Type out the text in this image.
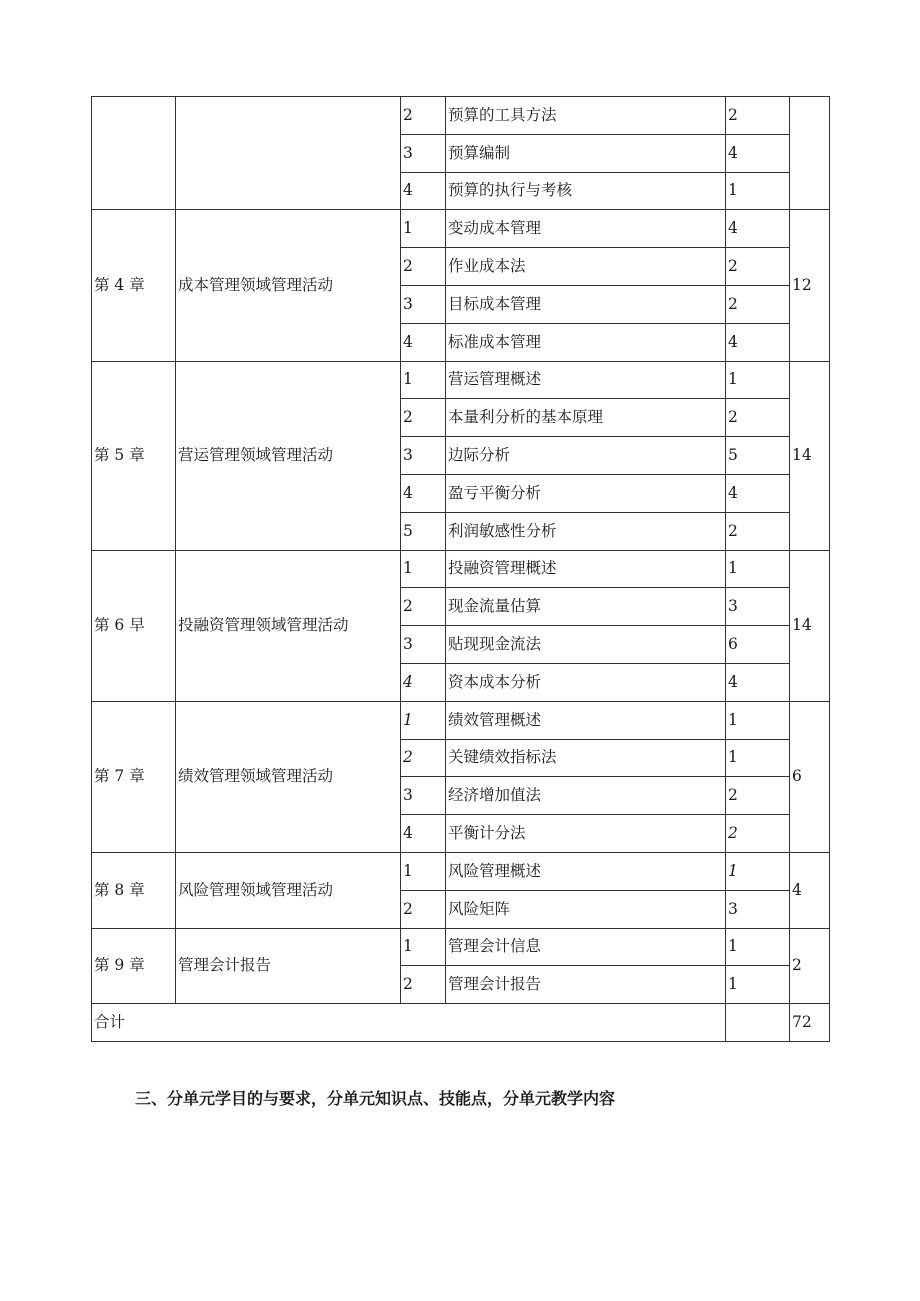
		2	预算的工具方法	2	
		3	预算编制	4	
		4	预算的执行与考核	1	
第 4 章	成本管理领域管理活动	1	变动成本管理	4	12
		2	作业成本法	2	
		3	目标成本管理	2	
		4	标准成本管理	4	
第 5 章	营运管理领域管理活动	1	营运管理概述	1	14
		2	本量利分析的基本原理	2	
		3	边际分析	5	
		4	盈亏平衡分析	4	
		5	利润敏感性分析	2	
第 6 早	投融资管理领域管理活动	1	投融资管理概述	1	14
		2	现金流量估算	3	
		3	贴现现金流法	6	
		4	资本成本分析	4	
第 7 章	绩效管理领域管理活动	1	绩效管理概述	1	6
		2	关键绩效指标法	1	
		3	经济增加值法	2	
		4	平衡计分法	2	
第 8 章	风险管理领域管理活动	1	风险管理概述	1	4
		2	风险矩阵	3	
第 9 章	管理会计报告	1	管理会计信息	1	2
		2	管理会计报告	1	
合计					72
三、分单元学目的与要求，分单元知识点、技能点，分单元教学内容
